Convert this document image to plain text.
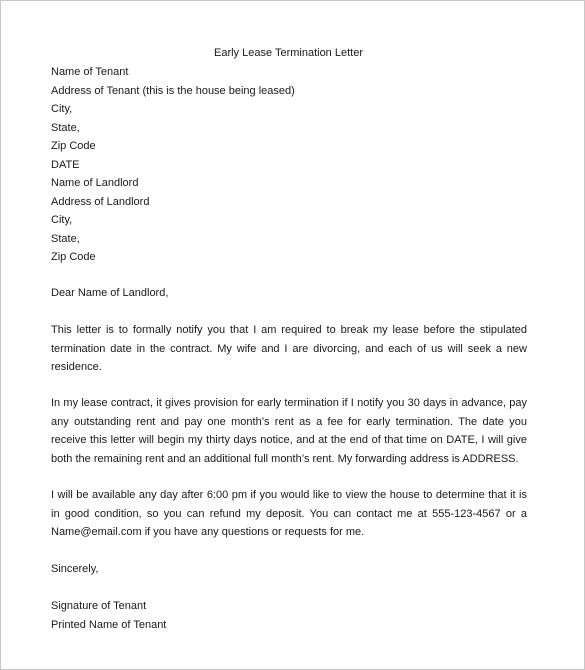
Early Lease Termination Letter
Name of Tenant
Address of Tenant (this is the house being leased)
City,
State,
Zip Code
DATE
Name of Landlord
Address of Landlord
City,
State,
Zip Code
Dear Name of Landlord,

This letter is to formally notify you that I am required to break my lease before the stipulated termination date in the contract. My wife and I are divorcing, and each of us will seek a new residence.

In my lease contract, it gives provision for early termination if I notify you 30 days in advance, pay any outstanding rent and pay one month’s rent as a fee for early termination. The date you receive this letter will begin my thirty days notice, and at the end of that time on DATE, I will give both the remaining rent and an additional full month’s rent. My forwarding address is ADDRESS.

I will be available any day after 6:00 pm if you would like to view the house to determine that it is in good condition, so you can refund my deposit. You can contact me at 555-123-4567 or a Name@email.com if you have any questions or requests for me.

Sincerely,
Signature of Tenant
Printed Name of Tenant
